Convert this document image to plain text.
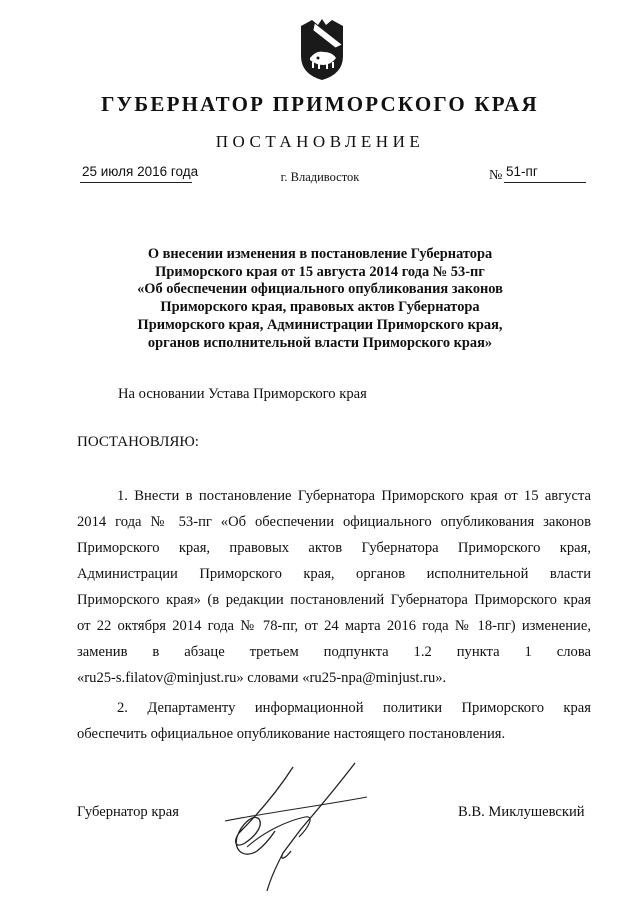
ГУБЕРНАТОР ПРИМОРСКОГО КРАЯ
ПОСТАНОВЛЕНИЕ
25 июля 2016 года	г. Владивосток	№ 51-пг
О внесении изменения в постановление Губернатора
Приморского края от 15 августа 2014 года № 53-пг
«Об обеспечении официального опубликования законов
Приморского края, правовых актов Губернатора
Приморского края, Администрации Приморского края,
органов исполнительной власти Приморского края»
На основании Устава Приморского края
ПОСТАНОВЛЯЮ:
1. Внести в постановление Губернатора Приморского края от 15 августа
2014 года № 53-пг «Об обеспечении официального опубликования законов
Приморского края, правовых актов Губернатора Приморского края,
Администрации Приморского края, органов исполнительной власти
Приморского края» (в редакции постановлений Губернатора Приморского края
от 22 октября 2014 года № 78-пг, от 24 марта 2016 года № 18-пг) изменение,
заменив в абзаце третьем подпункта 1.2 пункта 1 слова
«ru25-s.filatov@minjust.ru» словами «ru25-npa@minjust.ru».
2. Департаменту информационной политики Приморского края
обеспечить официальное опубликование настоящего постановления.
Губернатор края	В.В. Миклушевский
